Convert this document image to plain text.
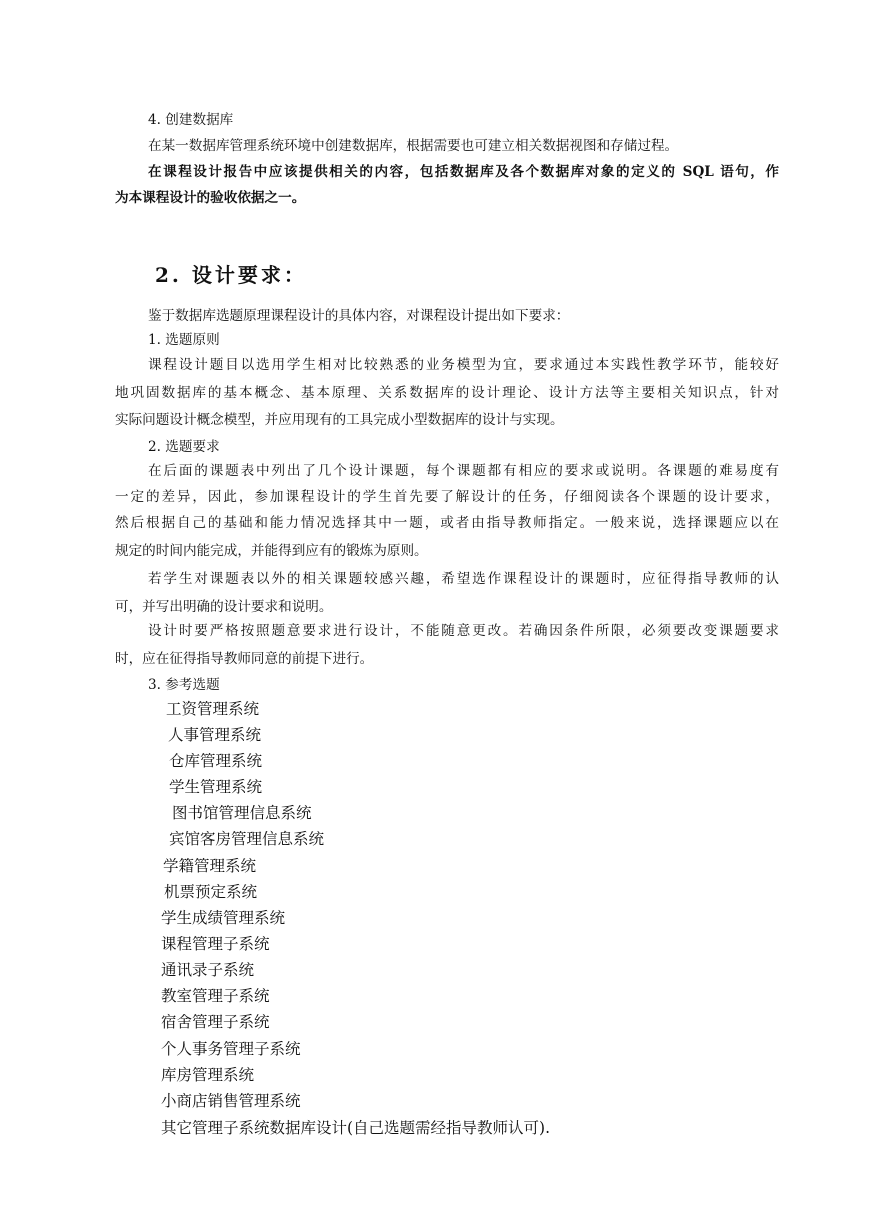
4. 创建数据库
在某一数据库管理系统环境中创建数据库，根据需要也可建立相关数据视图和存储过程。
在课程设计报告中应该提供相关的内容，包括数据库及各个数据库对象的定义的 SQL 语句，作
为本课程设计的验收依据之一。
2. 设计要求：
鉴于数据库选题原理课程设计的具体内容，对课程设计提出如下要求：
1. 选题原则
课程设计题目以选用学生相对比较熟悉的业务模型为宜，要求通过本实践性教学环节，能较好
地巩固数据库的基本概念、基本原理、关系数据库的设计理论、设计方法等主要相关知识点，针对
实际问题设计概念模型，并应用现有的工具完成小型数据库的设计与实现。
2. 选题要求
在后面的课题表中列出了几个设计课题，每个课题都有相应的要求或说明。各课题的难易度有
一定的差异，因此，参加课程设计的学生首先要了解设计的任务，仔细阅读各个课题的设计要求，
然后根据自己的基础和能力情况选择其中一题，或者由指导教师指定。一般来说，选择课题应以在
规定的时间内能完成，并能得到应有的锻炼为原则。
若学生对课题表以外的相关课题较感兴趣，希望选作课程设计的课题时，应征得指导教师的认
可，并写出明确的设计要求和说明。
设计时要严格按照题意要求进行设计，不能随意更改。若确因条件所限，必须要改变课题要求
时，应在征得指导教师同意的前提下进行。
3. 参考选题
工资管理系统
人事管理系统
仓库管理系统
学生管理系统
图书馆管理信息系统
宾馆客房管理信息系统
学籍管理系统
机票预定系统
学生成绩管理系统
课程管理子系统
通讯录子系统
教室管理子系统
宿舍管理子系统
个人事务管理子系统
库房管理系统
小商店销售管理系统
其它管理子系统数据库设计(自己选题需经指导教师认可).
